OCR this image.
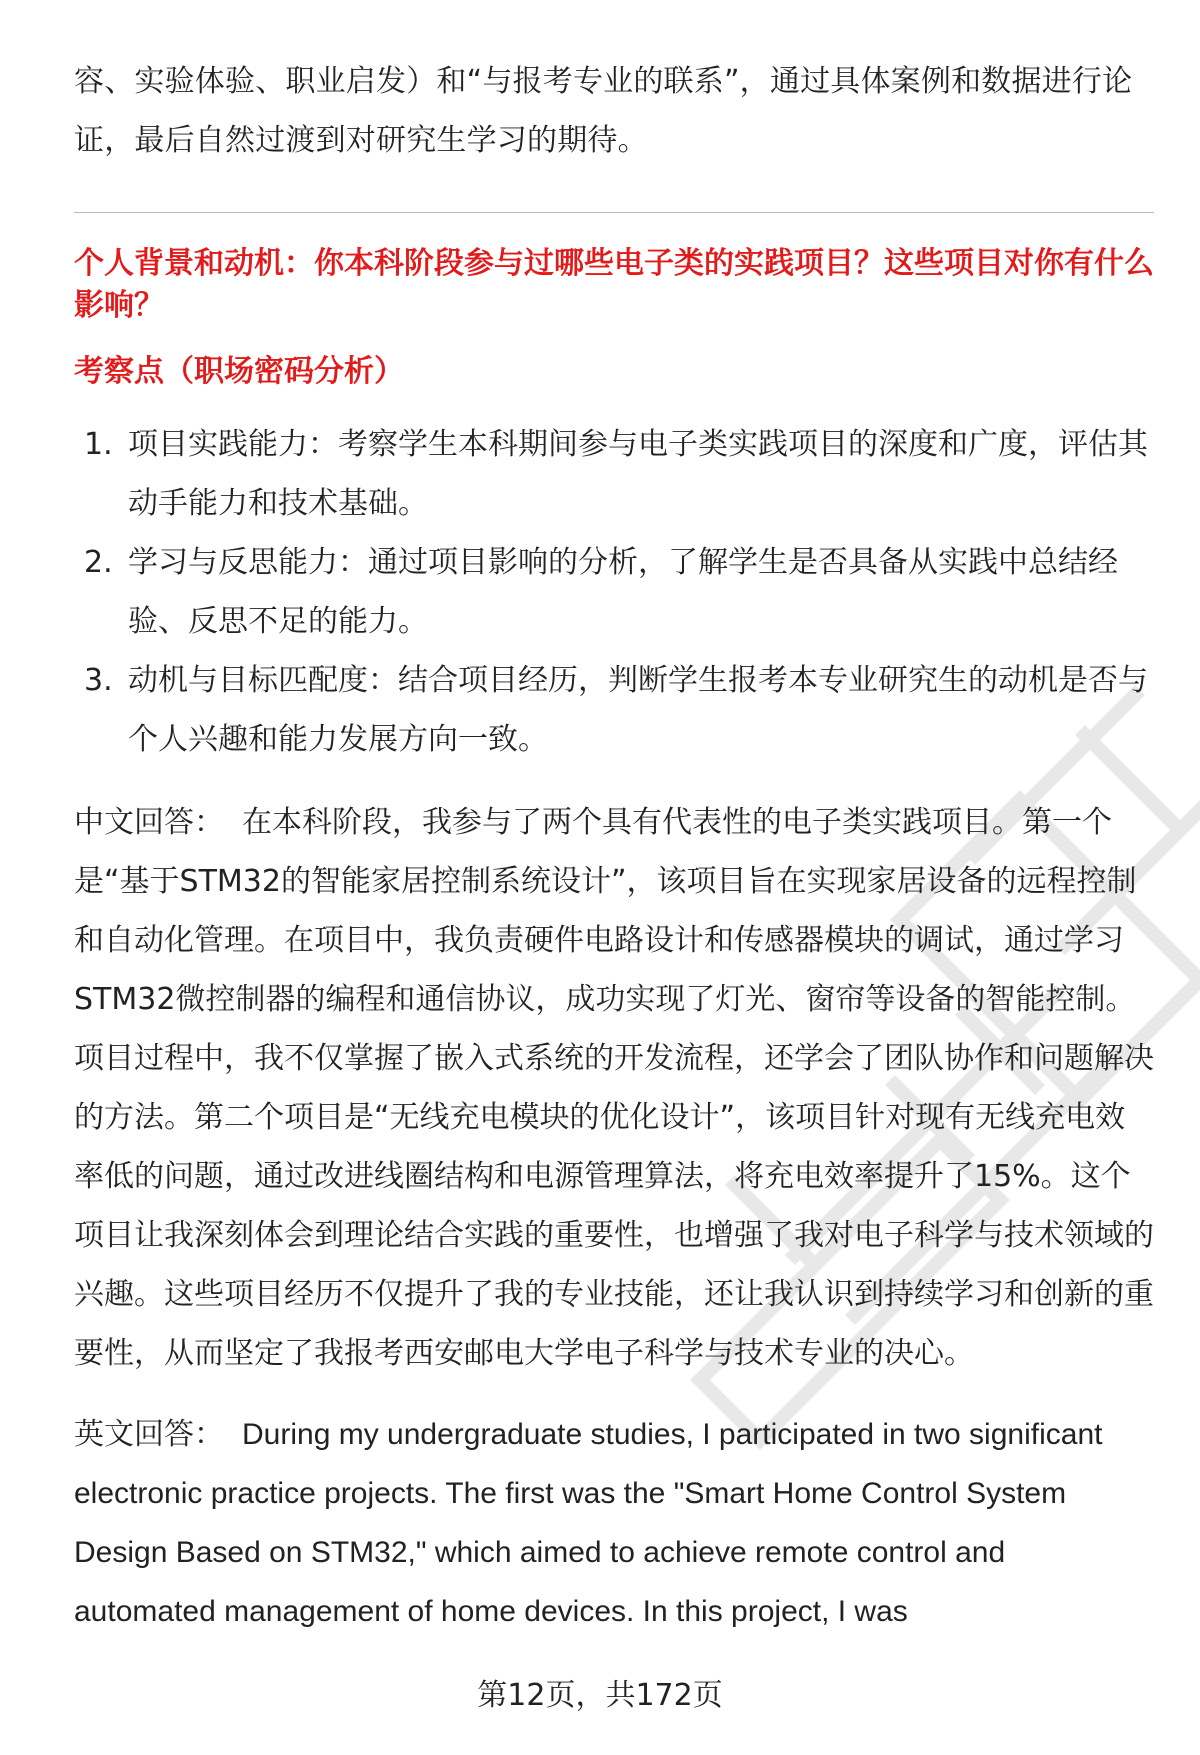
容、实验体验、职业启发）和“与报考专业的联系”，通过具体案例和数据进行论证，最后自然过渡到对研究生学习的期待。

个人背景和动机：你本科阶段参与过哪些电子类的实践项目？这些项目对你有什么影响？
考察点（职场密码分析）
1. 项目实践能力：考察学生本科期间参与电子类实践项目的深度和广度，评估其动手能力和技术基础。
2. 学习与反思能力：通过项目影响的分析，了解学生是否具备从实践中总结经验、反思不足的能力。
3. 动机与目标匹配度：结合项目经历，判断学生报考本专业研究生的动机是否与个人兴趣和能力发展方向一致。

中文回答： 在本科阶段，我参与了两个具有代表性的电子类实践项目。第一个是“基于STM32的智能家居控制系统设计”，该项目旨在实现家居设备的远程控制和自动化管理。在项目中，我负责硬件电路设计和传感器模块的调试，通过学习STM32微控制器的编程和通信协议，成功实现了灯光、窗帘等设备的智能控制。项目过程中，我不仅掌握了嵌入式系统的开发流程，还学会了团队协作和问题解决的方法。第二个项目是“无线充电模块的优化设计”，该项目针对现有无线充电效率低的问题，通过改进线圈结构和电源管理算法，将充电效率提升了15%。这个项目让我深刻体会到理论结合实践的重要性，也增强了我对电子科学与技术领域的兴趣。这些项目经历不仅提升了我的专业技能，还让我认识到持续学习和创新的重要性，从而坚定了我报考西安邮电大学电子科学与技术专业的决心。

英文回答： During my undergraduate studies, I participated in two significant electronic practice projects. The first was the "Smart Home Control System Design Based on STM32," which aimed to achieve remote control and automated management of home devices. In this project, I was

第12页，共172页
